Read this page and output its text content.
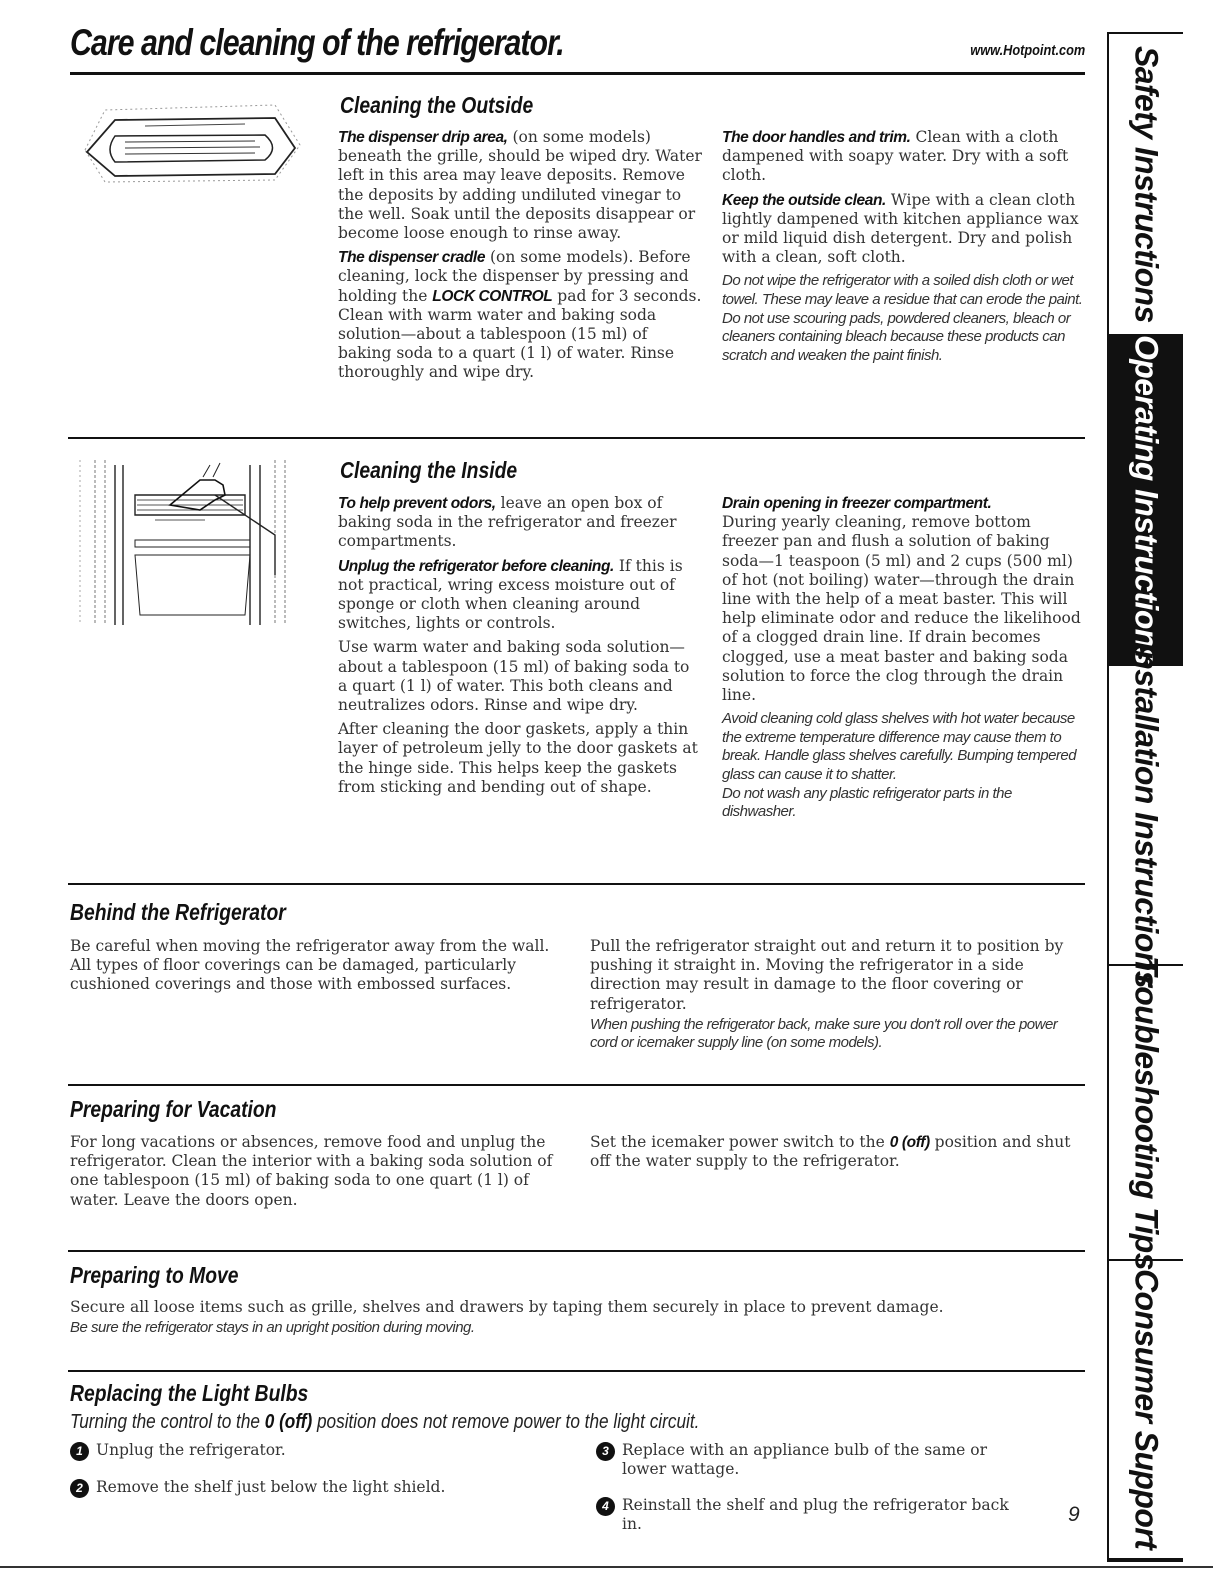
Care and cleaning of the refrigerator.	www.Hotpoint.com
Cleaning the Outside

The dispenser drip area, (on some models) beneath the grille, should be wiped dry. Water left in this area may leave deposits. Remove the deposits by adding undiluted vinegar to the well. Soak until the deposits disappear or become loose enough to rinse away.

The dispenser cradle (on some models). Before cleaning, lock the dispenser by pressing and holding the LOCK CONTROL pad for 3 seconds. Clean with warm water and baking soda solution—about a tablespoon (15 ml) of baking soda to a quart (1 l) of water. Rinse thoroughly and wipe dry.

The door handles and trim. Clean with a cloth dampened with soapy water. Dry with a soft cloth.

Keep the outside clean. Wipe with a clean cloth lightly dampened with kitchen appliance wax or mild liquid dish detergent. Dry and polish with a clean, soft cloth.

Do not wipe the refrigerator with a soiled dish cloth or wet towel. These may leave a residue that can erode the paint. Do not use scouring pads, powdered cleaners, bleach or cleaners containing bleach because these products can scratch and weaken the paint finish.
Cleaning the Inside

To help prevent odors, leave an open box of baking soda in the refrigerator and freezer compartments.

Unplug the refrigerator before cleaning. If this is not practical, wring excess moisture out of sponge or cloth when cleaning around switches, lights or controls.

Use warm water and baking soda solution—about a tablespoon (15 ml) of baking soda to a quart (1 l) of water. This both cleans and neutralizes odors. Rinse and wipe dry.

After cleaning the door gaskets, apply a thin layer of petroleum jelly to the door gaskets at the hinge side. This helps keep the gaskets from sticking and bending out of shape.

Drain opening in freezer compartment.

During yearly cleaning, remove bottom freezer pan and flush a solution of baking soda—1 teaspoon (5 ml) and 2 cups (500 ml) of hot (not boiling) water—through the drain line with the help of a meat baster. This will help eliminate odor and reduce the likelihood of a clogged drain line. If drain becomes clogged, use a meat baster and baking soda solution to force the clog through the drain line.

Avoid cleaning cold glass shelves with hot water because the extreme temperature difference may cause them to break. Handle glass shelves carefully. Bumping tempered glass can cause it to shatter.
Do not wash any plastic refrigerator parts in the dishwasher.
Behind the Refrigerator
Be careful when moving the refrigerator away from the wall. All types of floor coverings can be damaged, particularly cushioned coverings and those with embossed surfaces.

Pull the refrigerator straight out and return it to position by pushing it straight in. Moving the refrigerator in a side direction may result in damage to the floor covering or refrigerator.

When pushing the refrigerator back, make sure you don't roll over the power cord or icemaker supply line (on some models).
Preparing for Vacation
For long vacations or absences, remove food and unplug the refrigerator. Clean the interior with a baking soda solution of one tablespoon (15 ml) of baking soda to one quart (1 l) of water. Leave the doors open.
Set the icemaker power switch to the 0 (off) position and shut off the water supply to the refrigerator.
Preparing to Move

Secure all loose items such as grille, shelves and drawers by taping them securely in place to prevent damage.

Be sure the refrigerator stays in an upright position during moving.
Replacing the Light Bulbs
Turning the control to the 0 (off) position does not remove power to the light circuit.
1 Unplug the refrigerator.
2 Remove the shelf just below the light shield.
3 Replace with an appliance bulb of the same or lower wattage.
4 Reinstall the shelf and plug the refrigerator back in.	9
Safety Instructions
Operating Instructions
Installation Instructions
Troubleshooting Tips
Consumer Support
